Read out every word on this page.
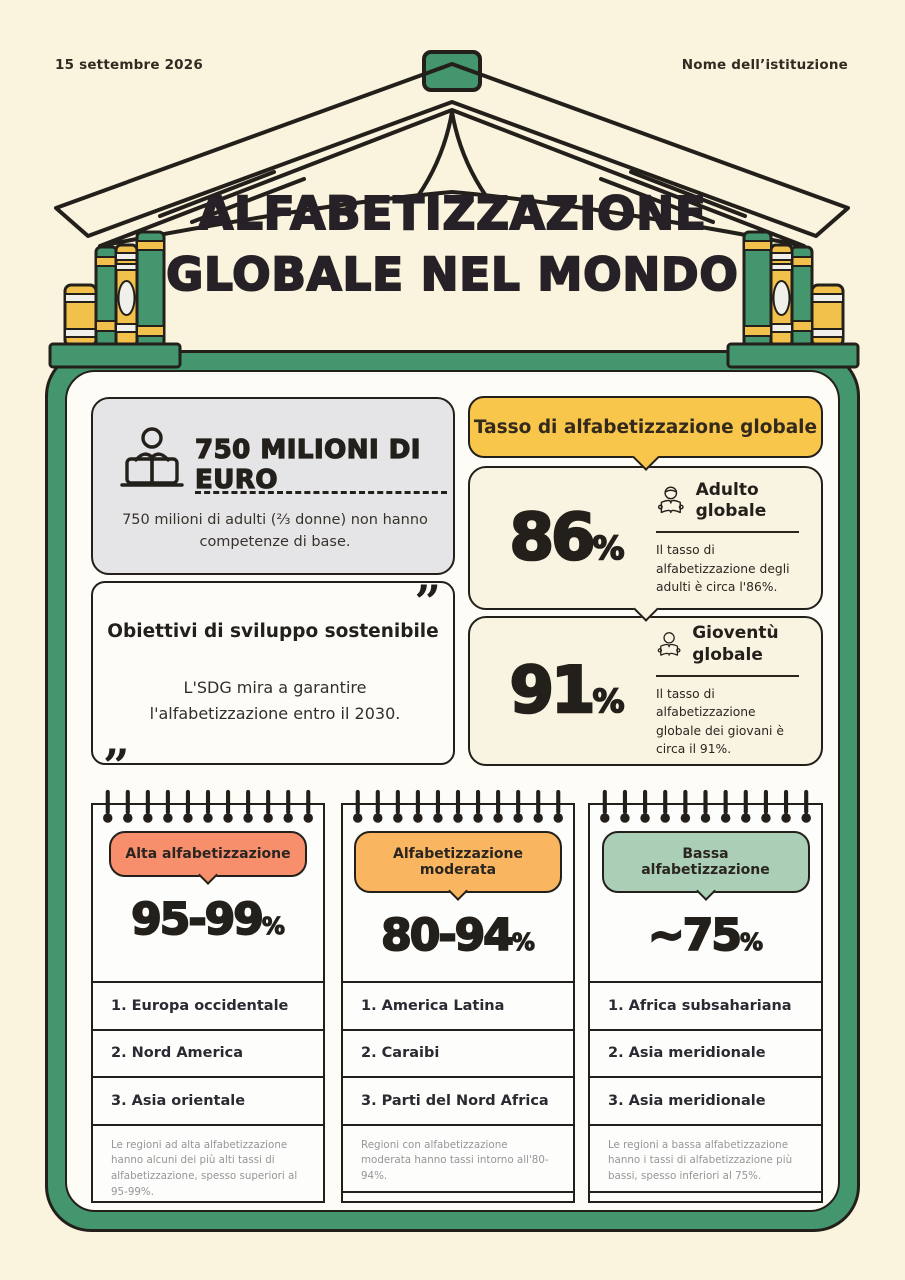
15 settembre 2026	Nome dell’istituzione
ALFABETIZZAZIONE
GLOBALE NEL MONDO
750 MILIONI DI EURO
750 milioni di adulti (⅔ donne) non hanno competenze di base.
”
Obiettivi di sviluppo sostenibile
L'SDG mira a garantire l'alfabetizzazione entro il 2030.
”
Tasso di alfabetizzazione globale
86%
Adulto globale
Il tasso di alfabetizzazione degli adulti è circa l'86%.
91%
Gioventù globale
Il tasso di alfabetizzazione globale dei giovani è circa il 91%.
Alta alfabetizzazione
95-99%
1. Europa occidentale
2. Nord America
3. Asia orientale
Le regioni ad alta alfabetizzazione hanno alcuni dei più alti tassi di alfabetizzazione, spesso superiori al 95-99%.
Alfabetizzazione moderata
80-94%
1. America Latina
2. Caraibi
3. Parti del Nord Africa
Regioni con alfabetizzazione moderata hanno tassi intorno all'80-94%.
Bassa alfabetizzazione
~75%
1. Africa subsahariana
2. Asia meridionale
3. Asia meridionale
Le regioni a bassa alfabetizzazione hanno i tassi di alfabetizzazione più bassi, spesso inferiori al 75%.
